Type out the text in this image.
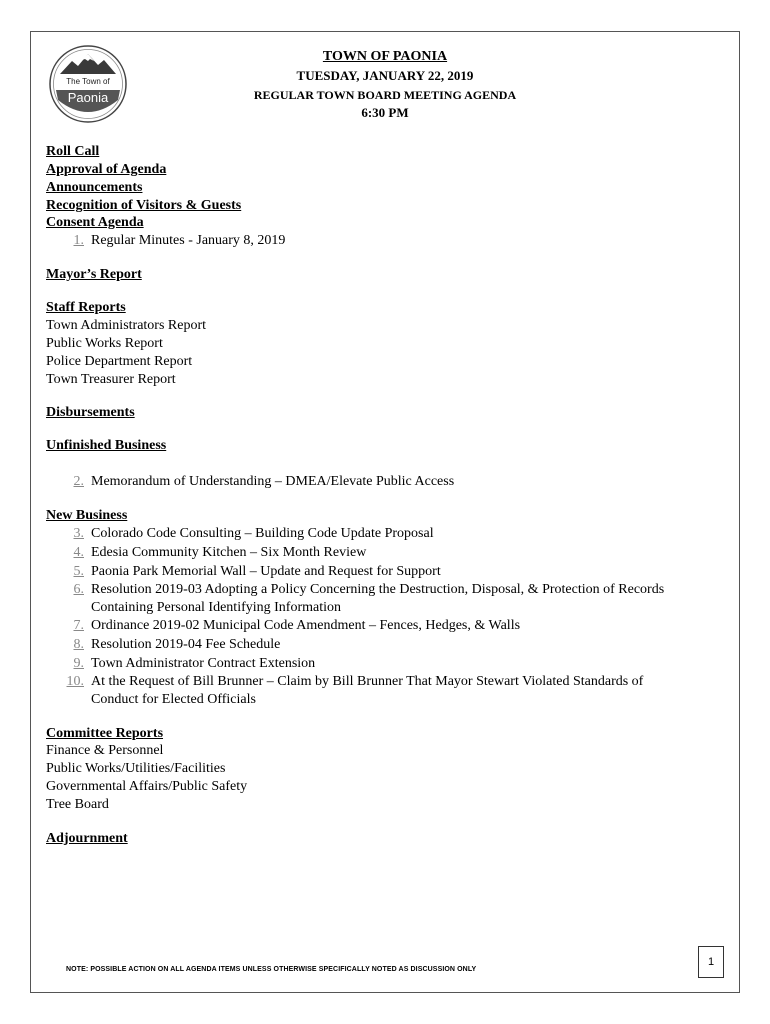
The Town of
Paonia
TOWN OF PAONIA
TUESDAY, JANUARY 22, 2019
REGULAR TOWN BOARD MEETING AGENDA
6:30 PM
Roll Call
Approval of Agenda
Announcements
Recognition of Visitors & Guests
Consent Agenda
1. Regular Minutes - January 8, 2019
Mayor’s Report
Staff Reports
Town Administrators Report
Public Works Report
Police Department Report
Town Treasurer Report
Disbursements
Unfinished Business
2. Memorandum of Understanding – DMEA/Elevate Public Access
New Business
3. Colorado Code Consulting – Building Code Update Proposal
4. Edesia Community Kitchen – Six Month Review
5. Paonia Park Memorial Wall – Update and Request for Support
6. Resolution 2019-03 Adopting a Policy Concerning the Destruction, Disposal, & Protection of Records
Containing Personal Identifying Information
7. Ordinance 2019-02 Municipal Code Amendment – Fences, Hedges, & Walls
8. Resolution 2019-04 Fee Schedule
9. Town Administrator Contract Extension
10. At the Request of Bill Brunner – Claim by Bill Brunner That Mayor Stewart Violated Standards of
Conduct for Elected Officials
Committee Reports
Finance & Personnel
Public Works/Utilities/Facilities
Governmental Affairs/Public Safety
Tree Board
Adjournment
NOTE: POSSIBLE ACTION ON ALL AGENDA ITEMS UNLESS OTHERWISE SPECIFICALLY NOTED AS DISCUSSION ONLY
1
